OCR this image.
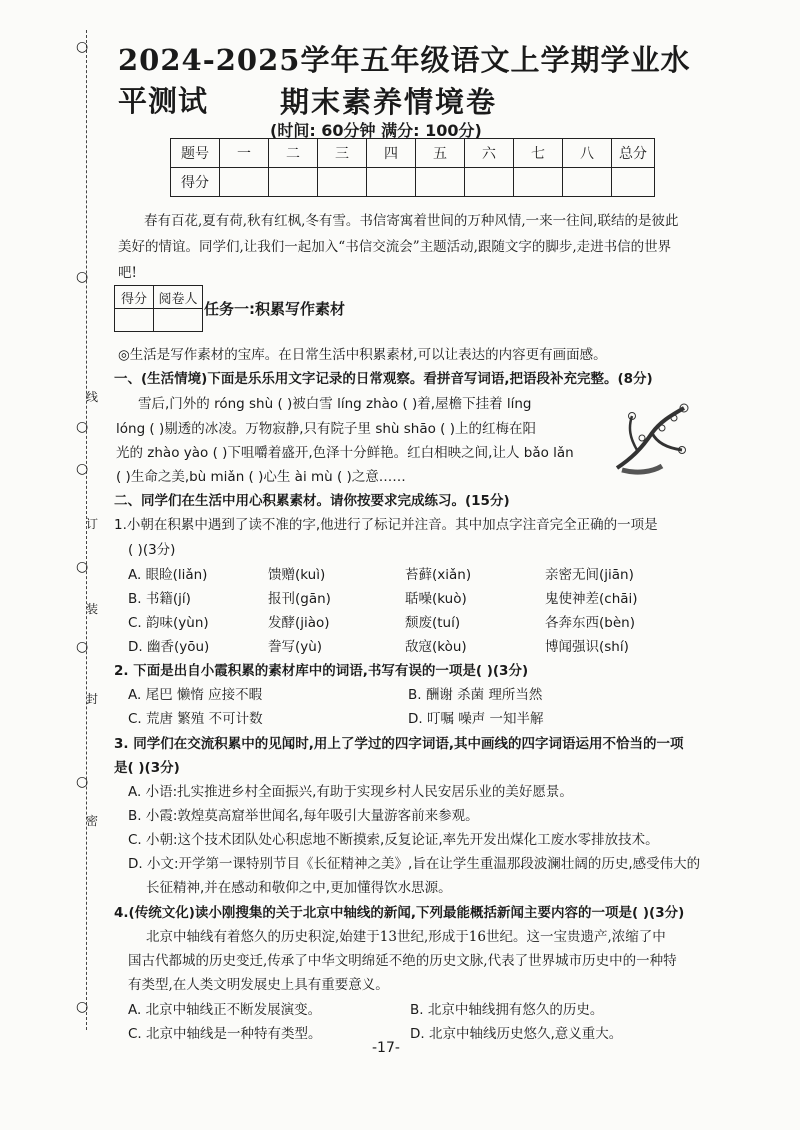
○
○
○
线
○
订
○
装
○
封
○
密
○
2024-2025学年五年级语文上学期学业水平测试	期末素养情境卷
(时间: 60分钟 满分: 100分)
题号	一	二	三	四	五	六	七	八	总分
得分									
春有百花,夏有荷,秋有红枫,冬有雪。书信寄寓着世间的万种风情,一来一往间,联结的是彼此美好的情谊。同学们,让我们一起加入“书信交流会”主题活动,跟随文字的脚步,走进书信的世界吧!
得分	阅卷人

任务一:积累写作素材
◎生活是写作素材的宝库。在日常生活中积累素材,可以让表达的内容更有画面感。
一、(生活情境)下面是乐乐用文字记录的日常观察。看拼音写词语,把语段补充完整。(8分)
雪后,门外的 róng shù ( )被白雪 líng zhào ( )着,屋檐下挂着 líng
lóng ( )剔透的冰凌。万物寂静,只有院子里 shù shāo ( )上的红梅在阳
光的 zhào yào ( )下咀嚼着盛开,色泽十分鲜艳。红白相映之间,让人 bǎo lǎn
( )生命之美,bù miǎn ( )心生 ài mù ( )之意……
二、同学们在生活中用心积累素材。请你按要求完成练习。(15分)
1.小朝在积累中遇到了读不准的字,他进行了标记并注音。其中加点字注音完全正确的一项是
( )(3分)
A. 眼睑(liǎn)	馈赠(kuì)	苔藓(xiǎn)	亲密无间(jiān)
B. 书籍(jí)	报刊(gān)	聒噪(kuò)	鬼使神差(chāi)
C. 韵味(yùn)	发酵(jiào)	颓废(tuí)	各奔东西(bèn)
D. 幽香(yōu)	誊写(yù)	敌寇(kòu)	博闻强识(shí)
2. 下面是出自小霞积累的素材库中的词语,书写有误的一项是( )(3分)
A. 尾巴 懒惰 应接不暇	B. 酬谢 杀菌 理所当然
C. 荒唐 繁殖 不可计数	D. 叮嘱 噪声 一知半解
3. 同学们在交流积累中的见闻时,用上了学过的四字词语,其中画线的四字词语运用不恰当的一项
是( )(3分)
A. 小语:扎实推进乡村全面振兴,有助于实现乡村人民安居乐业的美好愿景。
B. 小霞:敦煌莫高窟举世闻名,每年吸引大量游客前来参观。
C. 小朝:这个技术团队处心积虑地不断摸索,反复论证,率先开发出煤化工废水零排放技术。
D. 小文:开学第一课特别节目《长征精神之美》,旨在让学生重温那段波澜壮阔的历史,感受伟大的
长征精神,并在感动和敬仰之中,更加懂得饮水思源。
4.(传统文化)读小刚搜集的关于北京中轴线的新闻,下列最能概括新闻主要内容的一项是( )(3分)
北京中轴线有着悠久的历史积淀,始建于13世纪,形成于16世纪。这一宝贵遗产,浓缩了中
国古代都城的历史变迁,传承了中华文明绵延不绝的历史文脉,代表了世界城市历史中的一种特
有类型,在人类文明发展史上具有重要意义。
A. 北京中轴线正不断发展演变。	B. 北京中轴线拥有悠久的历史。
C. 北京中轴线是一种特有类型。	D. 北京中轴线历史悠久,意义重大。
-17-
